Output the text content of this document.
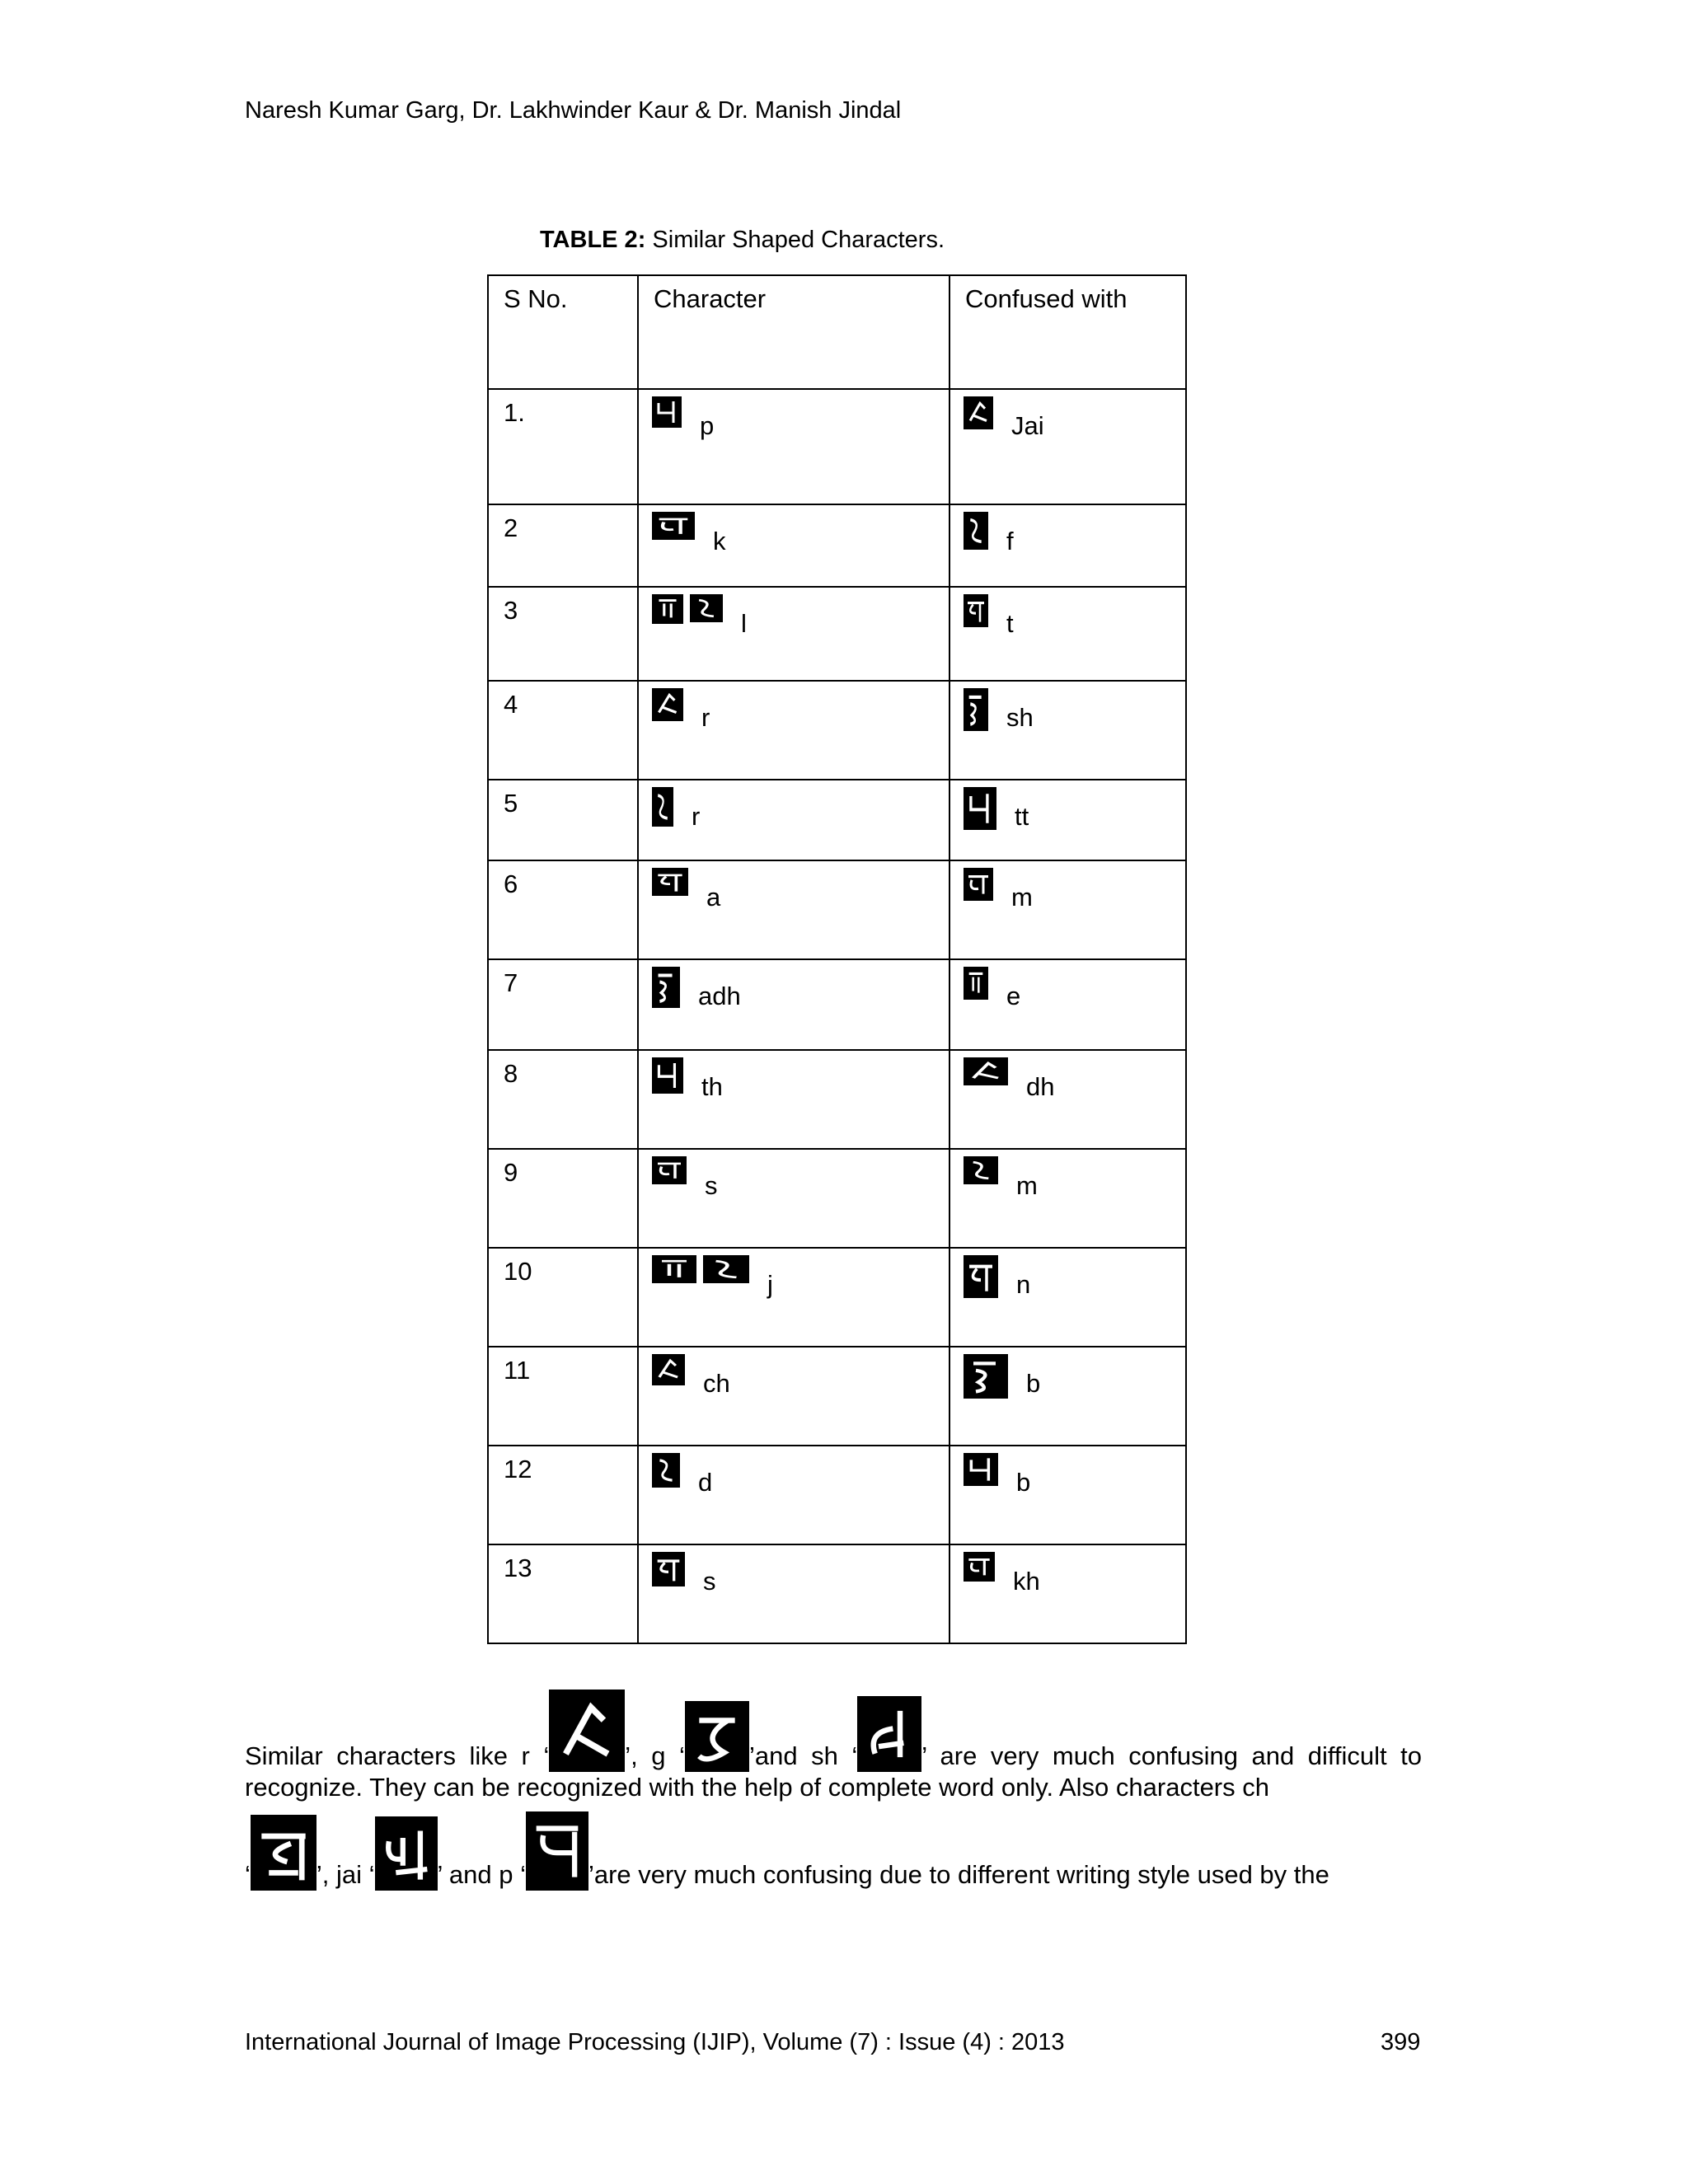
Naresh Kumar Garg, Dr. Lakhwinder Kaur & Dr. Manish Jindal
TABLE 2: Similar Shaped Characters.
S No.	Character	Confused with

1.	p	Jai

2	k	f

3	l	t

4	r	sh

5	r	tt

6	a	m

7	adh	e

8	th	dh

9	s	m

10	j	n

11	ch	b

12	d	b

13	s	kh
Similar characters like r ‘	’, g ‘	’and sh ‘	’ are very much confusing and difficult to recognize. They can be recognized with the help of complete word only. Also characters ch
‘	’, jai ‘ ’ and p ‘ ’are very much confusing due to different writing style used by the
International Journal of Image Processing (IJIP), Volume (7) : Issue (4) : 2013	399
